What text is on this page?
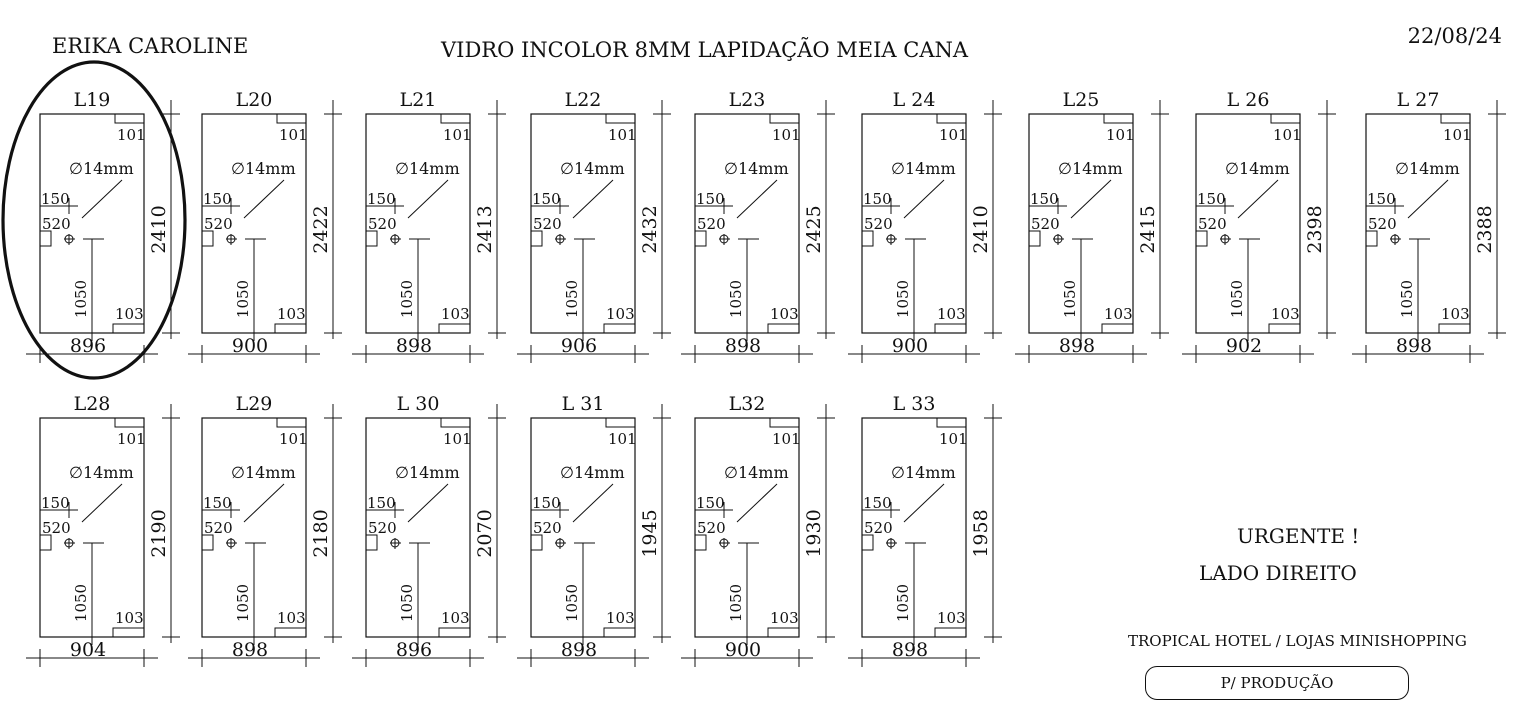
ERIKA CAROLINE	VIDRO INCOLOR 8MM LAPIDAÇÃO MEIA CANA
22/08/24
L19
101
103
∅14mm
150
520
1050
896
2410
L20
101
103
∅14mm
150
520
1050
900
2422
L21
101
103
∅14mm
150
520
1050
898
2413
L22
101
103
∅14mm
150
520
1050
906
2432
L23
101
103
∅14mm
150
520
1050
898
2425
L 24
101
103
∅14mm
150
520
1050
900
2410
L25
101
103
∅14mm
150
520
1050
898
2415
L 26
101
103
∅14mm
150
520
1050
902
2398
L 27
101
103
∅14mm
150
520
1050
898
2388
L28
101
103
∅14mm
150
520
1050
904
2190
L29
101
103
∅14mm
150
520
1050
898
2180
L 30
101
103
∅14mm
150
520
1050
896
2070
L 31
101
103
∅14mm
150
520
1050
898
1945
L32
101
103
∅14mm
150
520
1050
900
1930
L 33
101
103
∅14mm
150
520
1050
898
1958	URGENTE !
LADO DIREITO
TROPICAL HOTEL / LOJAS MINISHOPPING
P/ PRODUÇÃO
